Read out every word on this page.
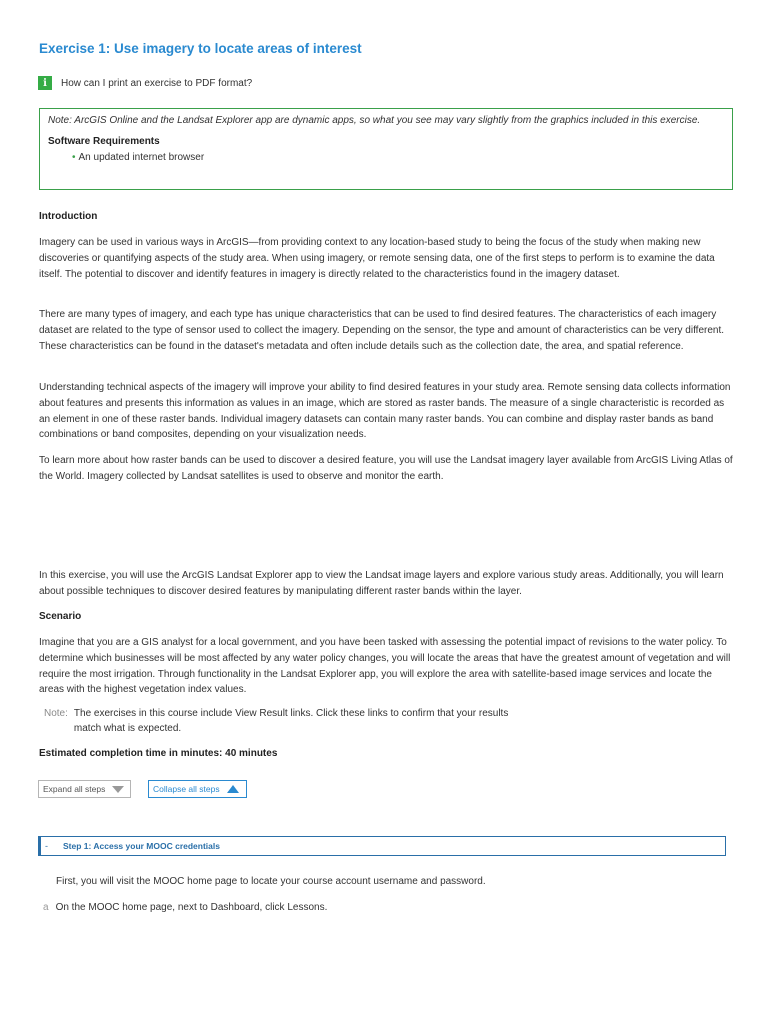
Exercise 1: Use imagery to locate areas of interest
i	How can I print an exercise to PDF format?

Note: ArcGIS Online and the Landsat Explorer app are dynamic apps, so what you see may vary slightly from the graphics included in this exercise.

Software Requirements
• An updated internet browser
Introduction

Imagery can be used in various ways in ArcGIS—from providing context to any location-based study to being the focus of the study when making new discoveries or quantifying aspects of the study area. When using imagery, or remote sensing data, one of the first steps to perform is to examine the data itself. The potential to discover and identify features in imagery is directly related to the characteristics found in the imagery dataset.

There are many types of imagery, and each type has unique characteristics that can be used to find desired features. The characteristics of each imagery dataset are related to the type of sensor used to collect the imagery. Depending on the sensor, the type and amount of characteristics can be very different. These characteristics can be found in the dataset's metadata and often include details such as the collection date, the area, and spatial reference.

Understanding technical aspects of the imagery will improve your ability to find desired features in your study area. Remote sensing data collects information about features and presents this information as values in an image, which are stored as raster bands. The measure of a single characteristic is recorded as an element in one of these raster bands. Individual imagery datasets can contain many raster bands. You can combine and display raster bands as band combinations or band composites, depending on your visualization needs.

To learn more about how raster bands can be used to discover a desired feature, you will use the Landsat imagery layer available from ArcGIS Living Atlas of the World. Imagery collected by Landsat satellites is used to observe and monitor the earth.

In this exercise, you will use the ArcGIS Landsat Explorer app to view the Landsat image layers and explore various study areas. Additionally, you will learn about possible techniques to discover desired features by manipulating different raster bands within the layer.

Scenario

Imagine that you are a GIS analyst for a local government, and you have been tasked with assessing the potential impact of revisions to the water policy. To determine which businesses will be most affected by any water policy changes, you will locate the areas that have the greatest amount of vegetation and will require the most irrigation. Through functionality in the Landsat Explorer app, you will explore the area with satellite-based image services and locate the areas with the highest vegetation index values.

Note: The exercises in this course include View Result links. Click these links to confirm that your results match what is expected.
Estimated completion time in minutes: 40 minutes
Expand all steps	Collapse all steps
-	Step 1: Access your MOOC credentials

First, you will visit the MOOC home page to locate your course account username and password.

a On the MOOC home page, next to Dashboard, click Lessons.
